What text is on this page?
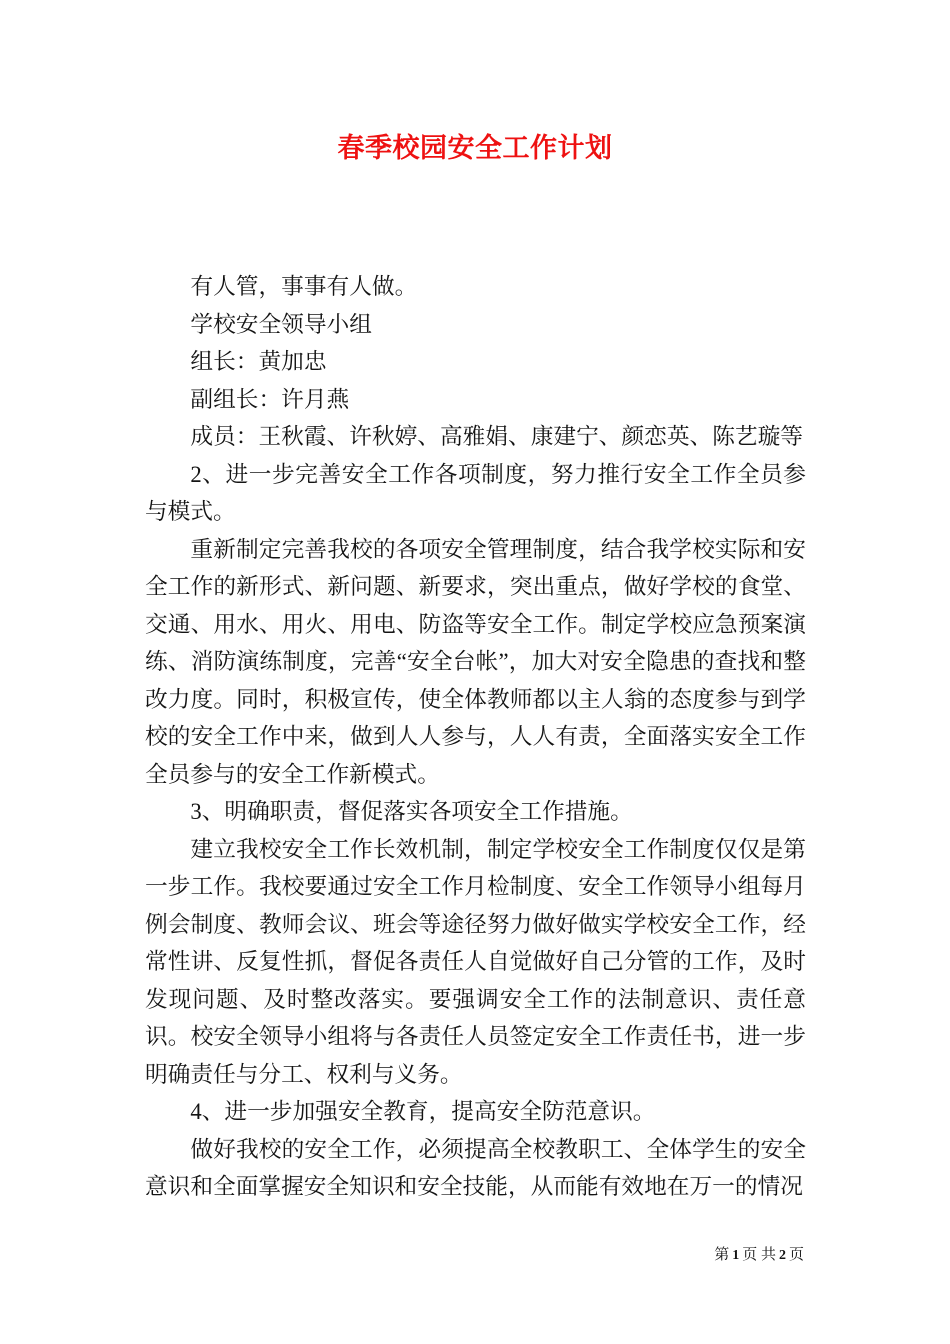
春季校园安全工作计划

有人管，事事有人做。

学校安全领导小组

组长：黄加忠

副组长：许月燕

成员：王秋霞、许秋婷、高雅娟、康建宁、颜恋英、陈艺璇等

2、进一步完善安全工作各项制度，努力推行安全工作全员参与模式。

重新制定完善我校的各项安全管理制度，结合我学校实际和安全工作的新形式、新问题、新要求，突出重点，做好学校的食堂、交通、用水、用火、用电、防盗等安全工作。制定学校应急预案演练、消防演练制度，完善“安全台帐”，加大对安全隐患的查找和整改力度。同时，积极宣传，使全体教师都以主人翁的态度参与到学校的安全工作中来，做到人人参与，人人有责，全面落实安全工作全员参与的安全工作新模式。

3、明确职责，督促落实各项安全工作措施。

建立我校安全工作长效机制，制定学校安全工作制度仅仅是第一步工作。我校要通过安全工作月检制度、安全工作领导小组每月例会制度、教师会议、班会等途径努力做好做实学校安全工作，经常性讲、反复性抓，督促各责任人自觉做好自己分管的工作，及时发现问题、及时整改落实。要强调安全工作的法制意识、责任意识。校安全领导小组将与各责任人员签定安全工作责任书，进一步明确责任与分工、权利与义务。

4、进一步加强安全教育，提高安全防范意识。

做好我校的安全工作，必须提高全校教职工、全体学生的安全意识和全面掌握安全知识和安全技能，从而能有效地在万一的情况

第 1 页 共 2 页
